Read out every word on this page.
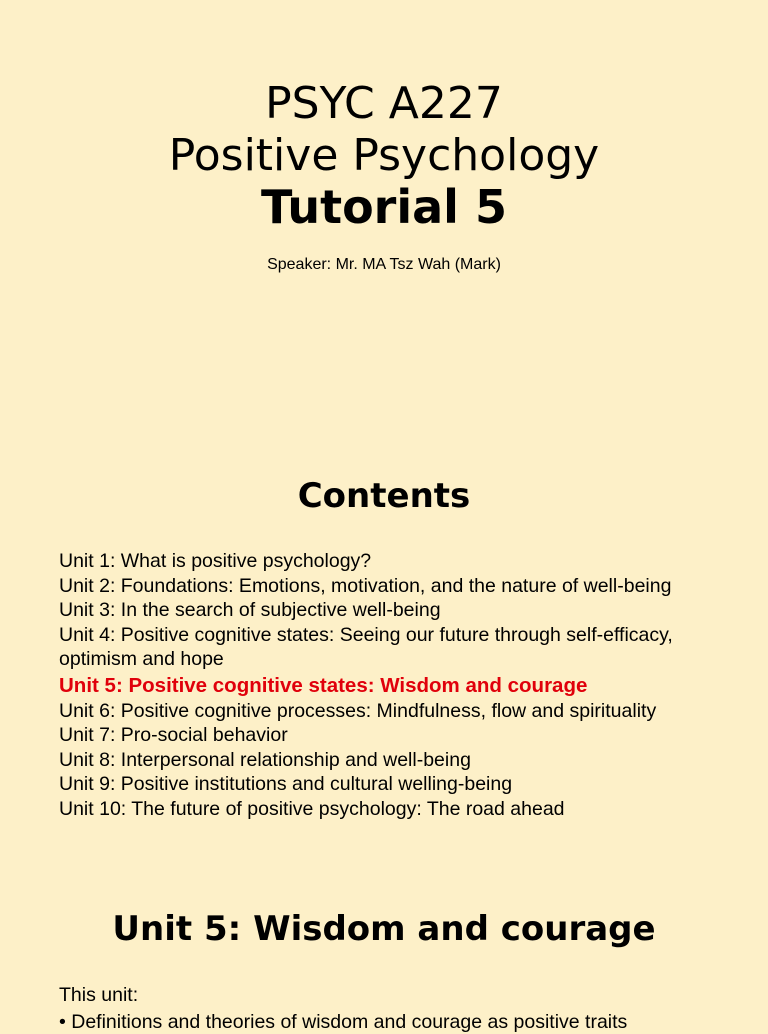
PSYC A227
Positive Psychology
Tutorial 5
Speaker: Mr. MA Tsz Wah (Mark)
Contents
Unit 1: What is positive psychology?
Unit 2: Foundations: Emotions, motivation, and the nature of well-being
Unit 3: In the search of subjective well-being
Unit 4: Positive cognitive states: Seeing our future through self-efficacy, optimism and hope
Unit 5: Positive cognitive states: Wisdom and courage
Unit 6: Positive cognitive processes: Mindfulness, flow and spirituality
Unit 7: Pro-social behavior
Unit 8: Interpersonal relationship and well-being
Unit 9: Positive institutions and cultural welling-being
Unit 10: The future of positive psychology: The road ahead
Unit 5: Wisdom and courage
This unit:
• Definitions and theories of wisdom and courage as positive traits
